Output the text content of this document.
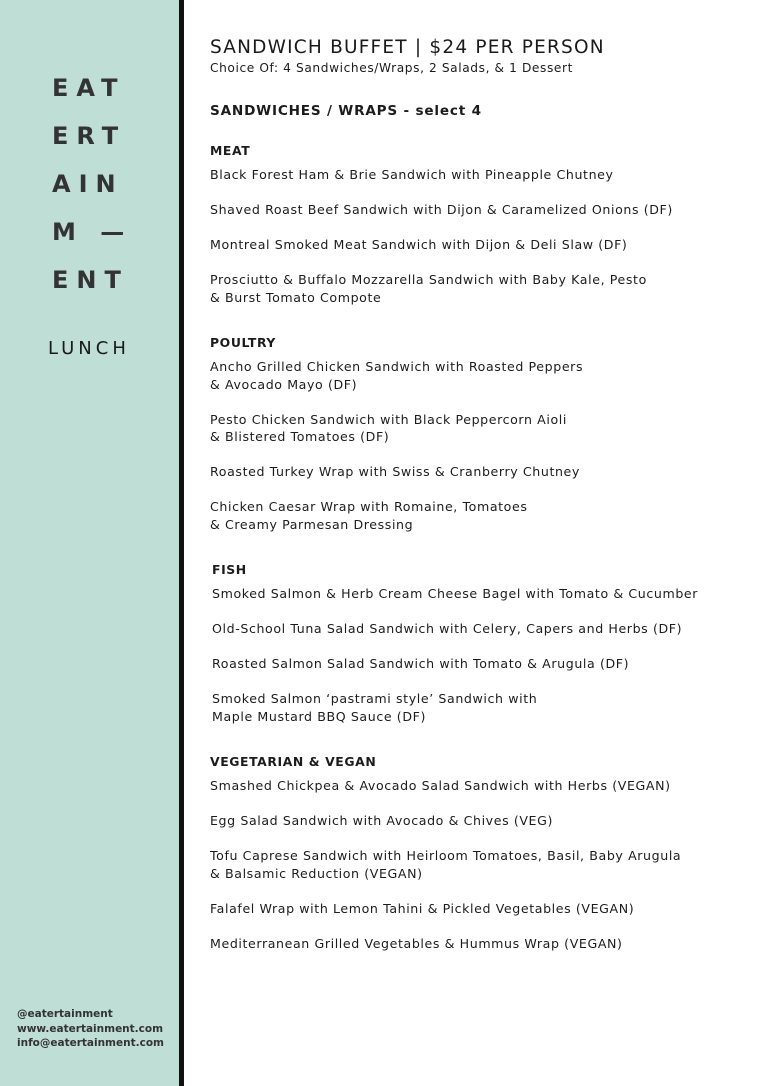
EAT
ERT
AIN
M —
ENT
LUNCH
@eatertainment
www.eatertainment.com
info@eatertainment.com
SANDWICH BUFFET | $24 PER PERSON
Choice Of: 4 Sandwiches/Wraps, 2 Salads, & 1 Dessert
SANDWICHES / WRAPS - select 4
MEAT
Black Forest Ham & Brie Sandwich with Pineapple Chutney
Shaved Roast Beef Sandwich with Dijon & Caramelized Onions (DF)
Montreal Smoked Meat Sandwich with Dijon & Deli Slaw (DF)
Prosciutto & Buffalo Mozzarella Sandwich with Baby Kale, Pesto
& Burst Tomato Compote
POULTRY
Ancho Grilled Chicken Sandwich with Roasted Peppers
& Avocado Mayo (DF)
Pesto Chicken Sandwich with Black Peppercorn Aioli
& Blistered Tomatoes (DF)
Roasted Turkey Wrap with Swiss & Cranberry Chutney
Chicken Caesar Wrap with Romaine, Tomatoes
& Creamy Parmesan Dressing
FISH
Smoked Salmon & Herb Cream Cheese Bagel with Tomato & Cucumber
Old-School Tuna Salad Sandwich with Celery, Capers and Herbs (DF)
Roasted Salmon Salad Sandwich with Tomato & Arugula (DF)
Smoked Salmon ‘pastrami style’ Sandwich with
Maple Mustard BBQ Sauce (DF)
VEGETARIAN & VEGAN
Smashed Chickpea & Avocado Salad Sandwich with Herbs (VEGAN)
Egg Salad Sandwich with Avocado & Chives (VEG)
Tofu Caprese Sandwich with Heirloom Tomatoes, Basil, Baby Arugula
& Balsamic Reduction (VEGAN)
Falafel Wrap with Lemon Tahini & Pickled Vegetables (VEGAN)
Mediterranean Grilled Vegetables & Hummus Wrap (VEGAN)
